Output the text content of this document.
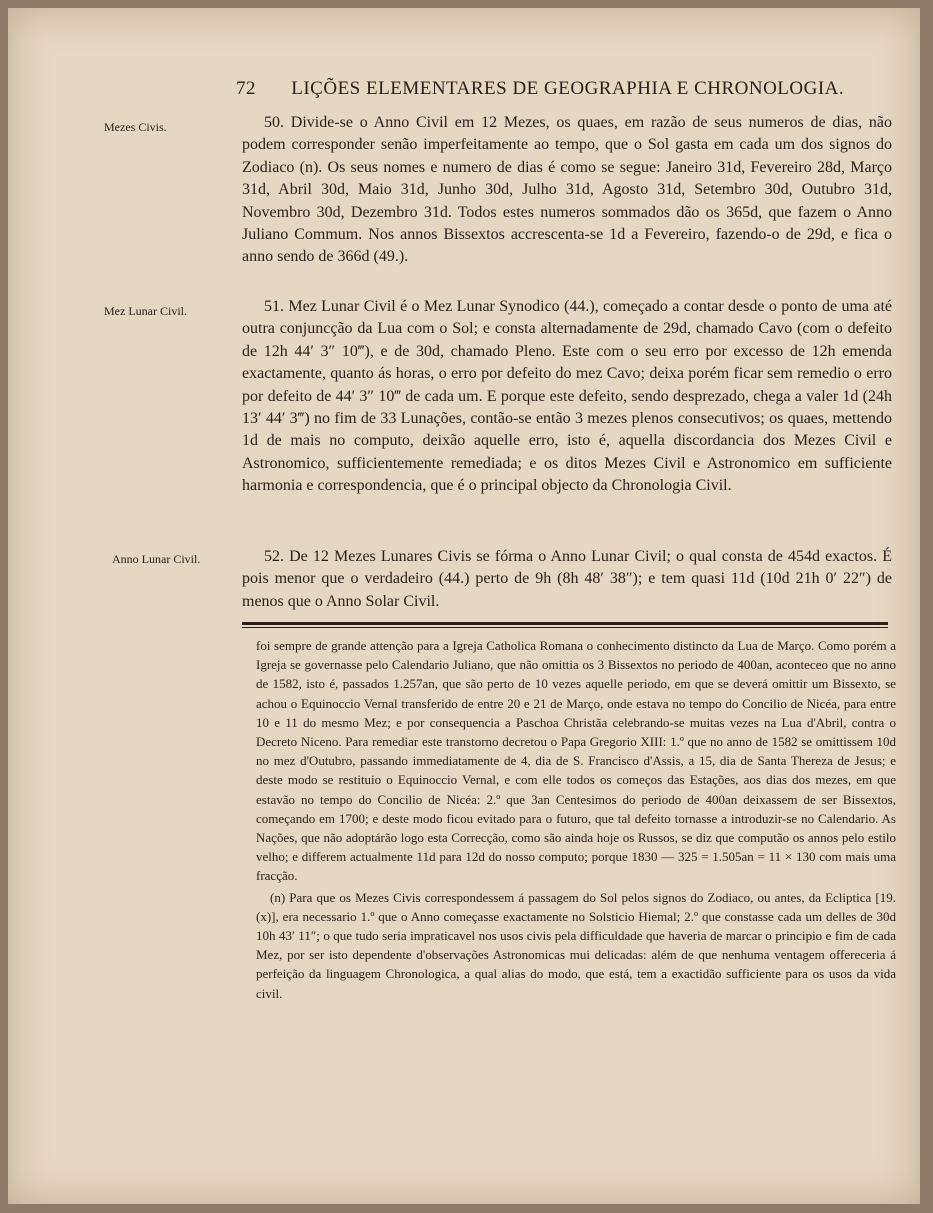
72 LIÇÕES ELEMENTARES DE GEOGRAPHIA E CHRONOLOGIA.
Mezes Civis.
Mez Lunar Civil.
Anno Lunar Civil.
50. Divide-se o Anno Civil em 12 Mezes, os quaes, em razão de seus numeros de dias, não podem corresponder senão imperfeitamente ao tempo, que o Sol gasta em cada um dos signos do Zodiaco (n). Os seus nomes e numero de dias é como se segue: Janeiro 31d, Fevereiro 28d, Março 31d, Abril 30d, Maio 31d, Junho 30d, Julho 31d, Agosto 31d, Setembro 30d, Outubro 31d, Novembro 30d, Dezembro 31d. Todos estes numeros sommados dão os 365d, que fazem o Anno Juliano Commum. Nos annos Bissextos accrescenta-se 1d a Fevereiro, fazendo-o de 29d, e fica o anno sendo de 366d (49.).
51. Mez Lunar Civil é o Mez Lunar Synodico (44.), começado a contar desde o ponto de uma até outra conjuncção da Lua com o Sol; e consta alternadamente de 29d, chamado Cavo (com o defeito de 12h 44′ 3″ 10‴), e de 30d, chamado Pleno. Este com o seu erro por excesso de 12h emenda exactamente, quanto ás horas, o erro por defeito do mez Cavo; deixa porém ficar sem remedio o erro por defeito de 44′ 3″ 10‴ de cada um. E porque este defeito, sendo desprezado, chega a valer 1d (24h 13′ 44′ 3‴) no fim de 33 Lunações, contão-se então 3 mezes plenos consecutivos; os quaes, mettendo 1d de mais no computo, deixão aquelle erro, isto é, aquella discordancia dos Mezes Civil e Astronomico, sufficientemente remediada; e os ditos Mezes Civil e Astronomico em sufficiente harmonia e correspondencia, que é o principal objecto da Chronologia Civil.
52. De 12 Mezes Lunares Civis se fórma o Anno Lunar Civil; o qual consta de 454d exactos. É pois menor que o verdadeiro (44.) perto de 9h (8h 48′ 38″); e tem quasi 11d (10d 21h 0′ 22″) de menos que o Anno Solar Civil.

foi sempre de grande attenção para a Igreja Catholica Romana o conhecimento distincto da Lua de Março. Como porém a Igreja se governasse pelo Calendario Juliano, que não omittia os 3 Bissextos no periodo de 400an, aconteceo que no anno de 1582, isto é, passados 1.257an, que são perto de 10 vezes aquelle periodo, em que se deverá omittir um Bissexto, se achou o Equinoccio Vernal transferido de entre 20 e 21 de Março, onde estava no tempo do Concilio de Nicéa, para entre 10 e 11 do mesmo Mez; e por consequencia a Paschoa Christãa celebrando-se muitas vezes na Lua d'Abril, contra o Decreto Niceno. Para remediar este transtorno decretou o Papa Gregorio XIII: 1.º que no anno de 1582 se omittissem 10d no mez d'Outubro, passando immediatamente de 4, dia de S. Francisco d'Assis, a 15, dia de Santa Thereza de Jesus; e deste modo se restituio o Equinoccio Vernal, e com elle todos os começos das Estações, aos dias dos mezes, em que estavão no tempo do Concilio de Nicéa: 2.º que 3an Centesimos do periodo de 400an deixassem de ser Bissextos, começando em 1700; e deste modo ficou evitado para o futuro, que tal defeito tornasse a introduzir-se no Calendario. As Nações, que não adoptárão logo esta Correcção, como são ainda hoje os Russos, se diz que computão os annos pelo estilo velho; e differem actualmente 11d para 12d do nosso computo; porque 1830 — 325 = 1.505an = 11 × 130 com mais uma fracção.

(n) Para que os Mezes Civis correspondessem á passagem do Sol pelos signos do Zodiaco, ou antes, da Ecliptica [19. (x)], era necessario 1.º que o Anno começasse exactamente no Solsticio Hiemal; 2.º que constasse cada um delles de 30d 10h 43′ 11″; o que tudo seria impraticavel nos usos civis pela difficuldade que haveria de marcar o principio e fim de cada Mez, por ser isto dependente d'observações Astronomicas mui delicadas: além de que nenhuma ventagem offereceria á perfeição da linguagem Chronologica, a qual alias do modo, que está, tem a exactidão sufficiente para os usos da vida civil.
